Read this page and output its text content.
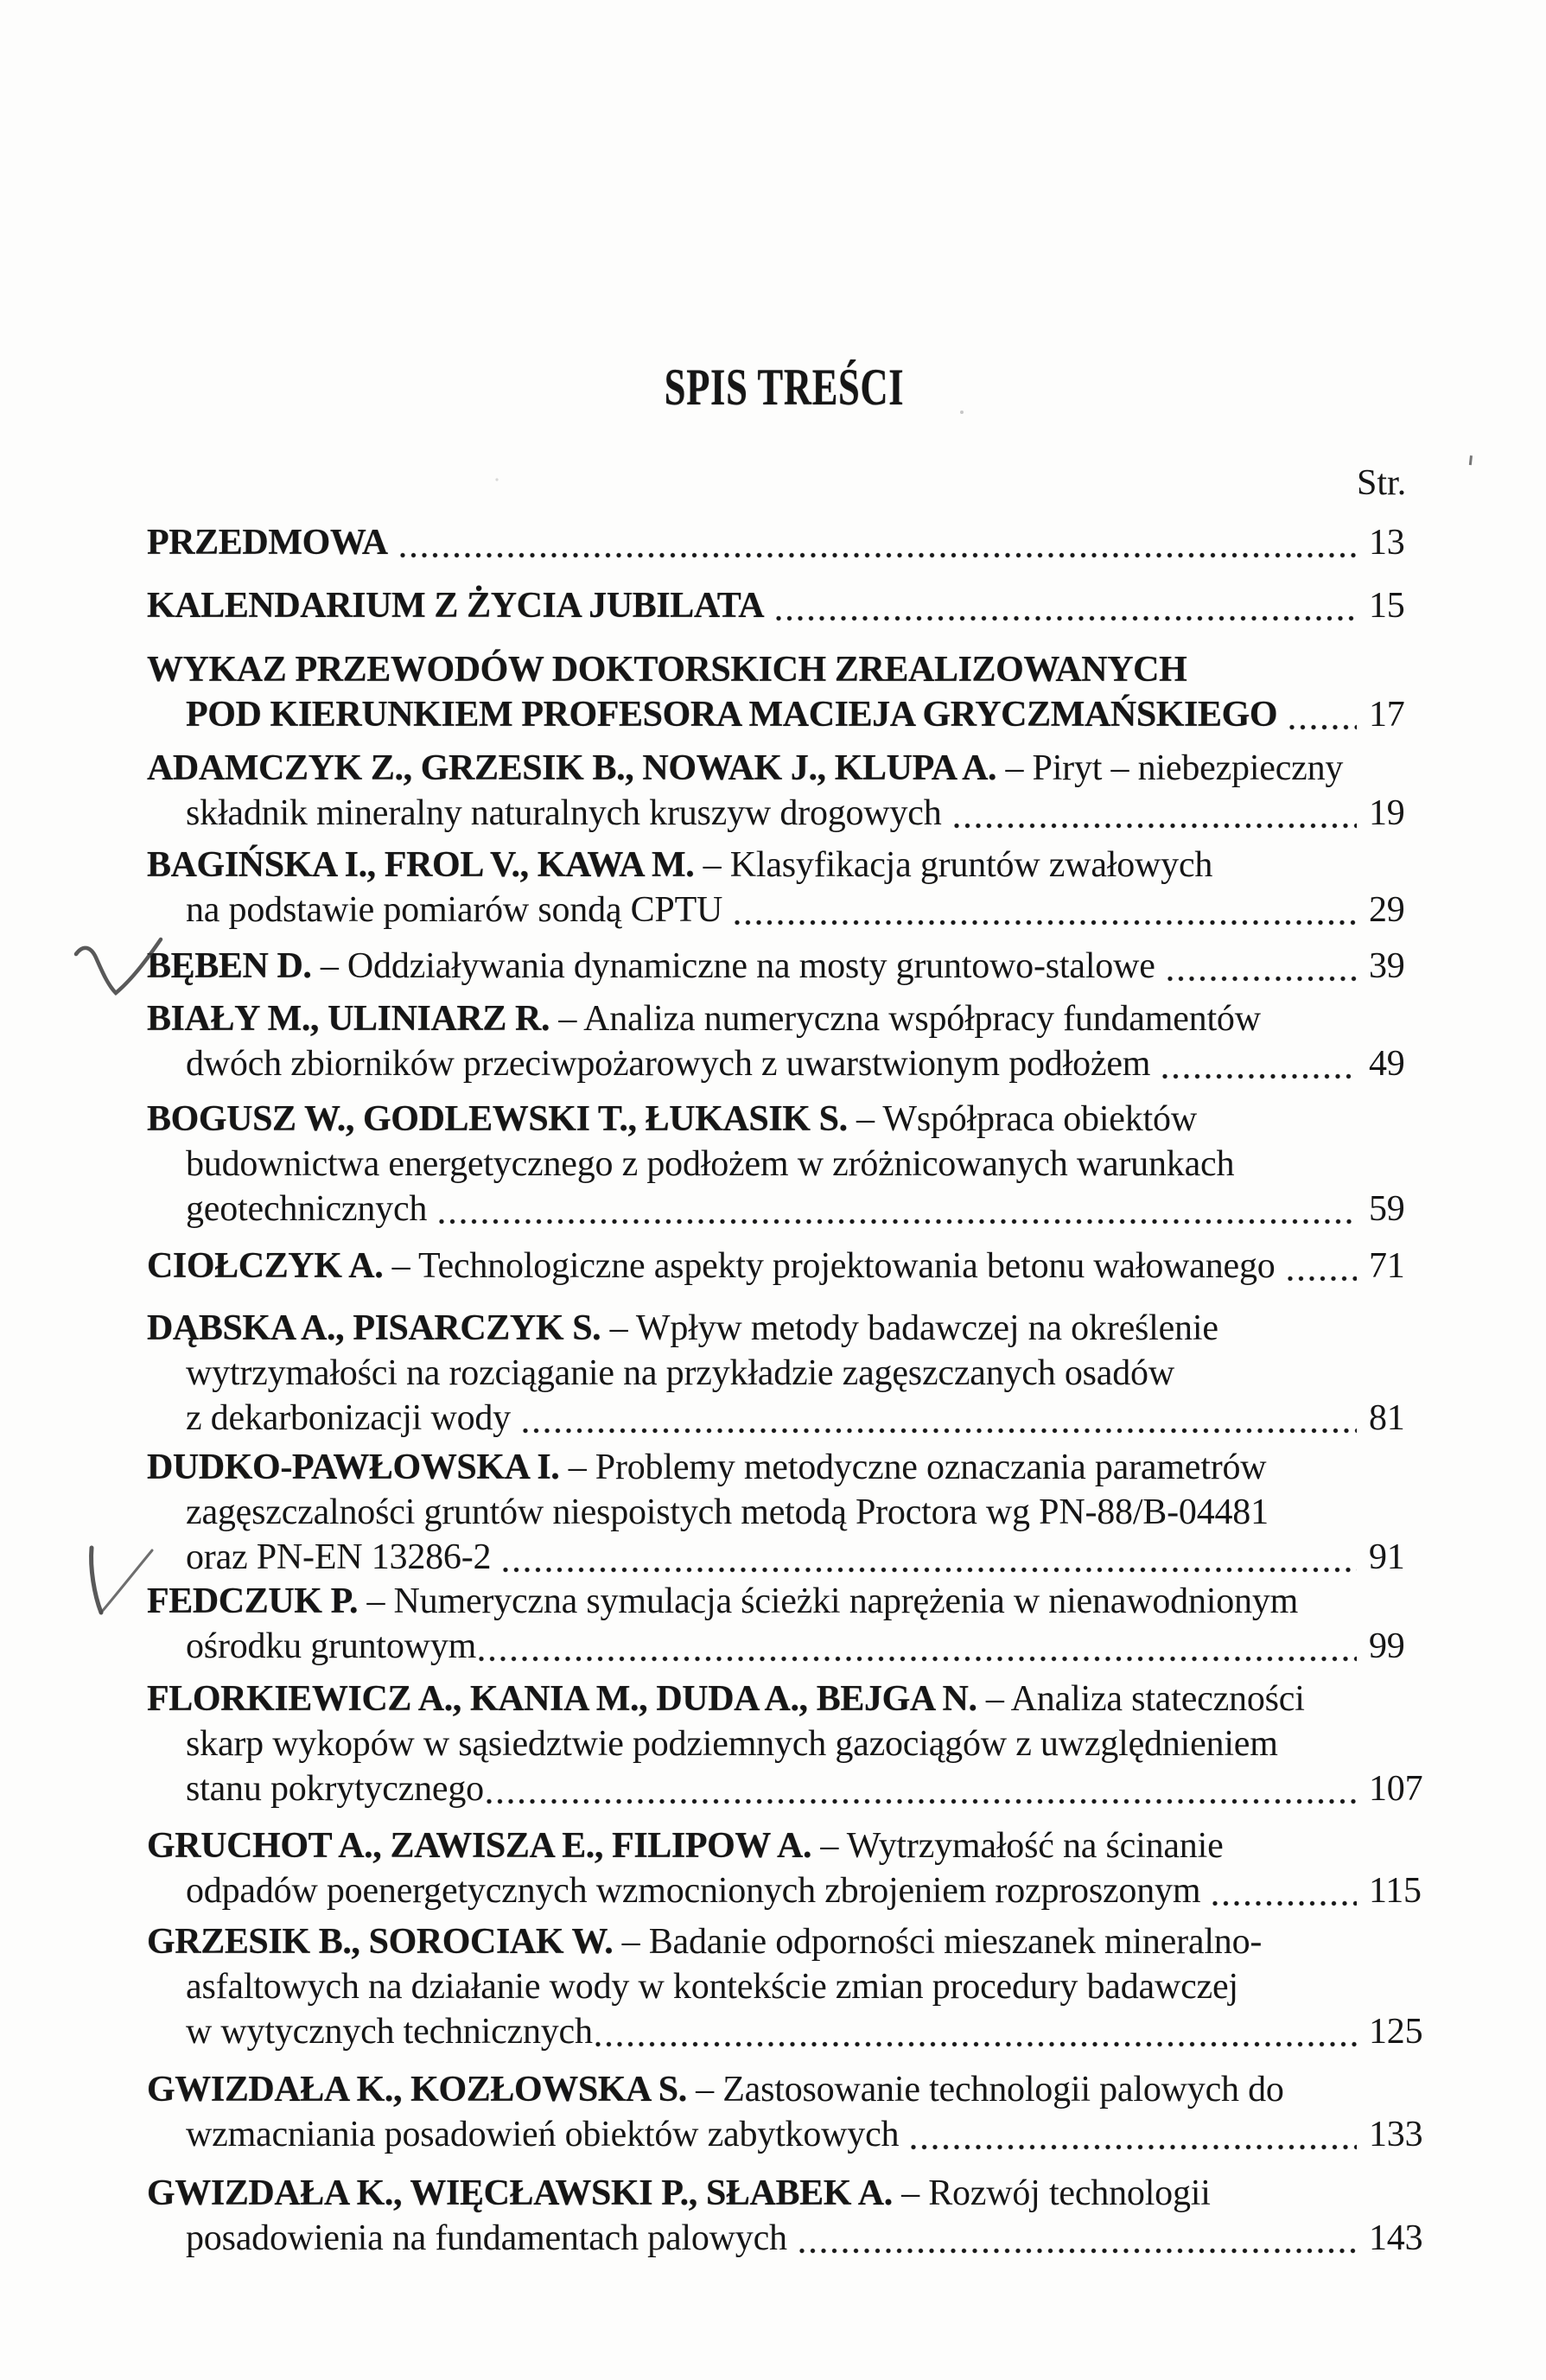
SPIS TREŚCI
Str.
PRZEDMOWA	13
KALENDARIUM Z ŻYCIA JUBILATA	15
WYKAZ PRZEWODÓW DOKTORSKICH ZREALIZOWANYCH
POD KIERUNKIEM PROFESORA MACIEJA GRYCZMAŃSKIEGO	17
ADAMCZYK Z., GRZESIK B., NOWAK J., KLUPA A. – Piryt – niebezpieczny
składnik mineralny naturalnych kruszyw drogowych	19
BAGIŃSKA I., FROL V., KAWA M. – Klasyfikacja gruntów zwałowych
na podstawie pomiarów sondą CPTU	29
BĘBEN D. – Oddziaływania dynamiczne na mosty gruntowo-stalowe	39
BIAŁY M., ULINIARZ R. – Analiza numeryczna współpracy fundamentów
dwóch zbiorników przeciwpożarowych z uwarstwionym podłożem	49
BOGUSZ W., GODLEWSKI T., ŁUKASIK S. – Współpraca obiektów
budownictwa energetycznego z podłożem w zróżnicowanych warunkach
geotechnicznych	59
CIOŁCZYK A. – Technologiczne aspekty projektowania betonu wałowanego	71
DĄBSKA A., PISARCZYK S. – Wpływ metody badawczej na określenie
wytrzymałości na rozciąganie na przykładzie zagęszczanych osadów
z dekarbonizacji wody	81
DUDKO-PAWŁOWSKA I. – Problemy metodyczne oznaczania parametrów
zagęszczalności gruntów niespoistych metodą Proctora wg PN-88/B-04481
oraz PN-EN 13286-2	91
FEDCZUK P. – Numeryczna symulacja ścieżki naprężenia w nienawodnionym
ośrodku gruntowym	99
FLORKIEWICZ A., KANIA M., DUDA A., BEJGA N. – Analiza stateczności
skarp wykopów w sąsiedztwie podziemnych gazociągów z uwzględnieniem
stanu pokrytycznego	107
GRUCHOT A., ZAWISZA E., FILIPOW A. – Wytrzymałość na ścinanie
odpadów poenergetycznych wzmocnionych zbrojeniem rozproszonym	115
GRZESIK B., SOROCIAK W. – Badanie odporności mieszanek mineralno-
asfaltowych na działanie wody w kontekście zmian procedury badawczej
w wytycznych technicznych	125
GWIZDAŁA K., KOZŁOWSKA S. – Zastosowanie technologii palowych do
wzmacniania posadowień obiektów zabytkowych	133
GWIZDAŁA K., WIĘCŁAWSKI P., SŁABEK A. – Rozwój technologii
posadowienia na fundamentach palowych	143
